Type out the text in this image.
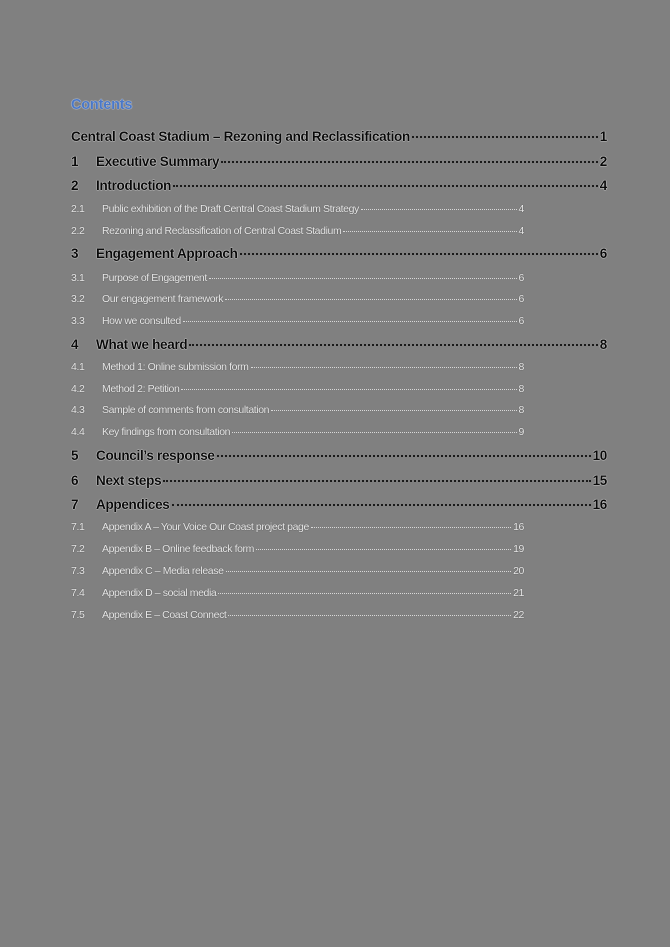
Contents
Central Coast Stadium – Rezoning and Reclassification	1
1	Executive Summary	2
2	Introduction	4
2.1	Public exhibition of the Draft Central Coast Stadium Strategy	4
2.2	Rezoning and Reclassification of Central Coast Stadium	4
3	Engagement Approach	6
3.1	Purpose of Engagement	6
3.2	Our engagement framework	6
3.3	How we consulted	6
4	What we heard	8
4.1	Method 1: Online submission form	8
4.2	Method 2: Petition	8
4.3	Sample of comments from consultation	8
4.4	Key findings from consultation	9
5	Council’s response	10
6	Next steps	15
7	Appendices	16
7.1	Appendix A – Your Voice Our Coast project page	16
7.2	Appendix B – Online feedback form	19
7.3	Appendix C – Media release	20
7.4	Appendix D – social media	21
7.5	Appendix E – Coast Connect	22
